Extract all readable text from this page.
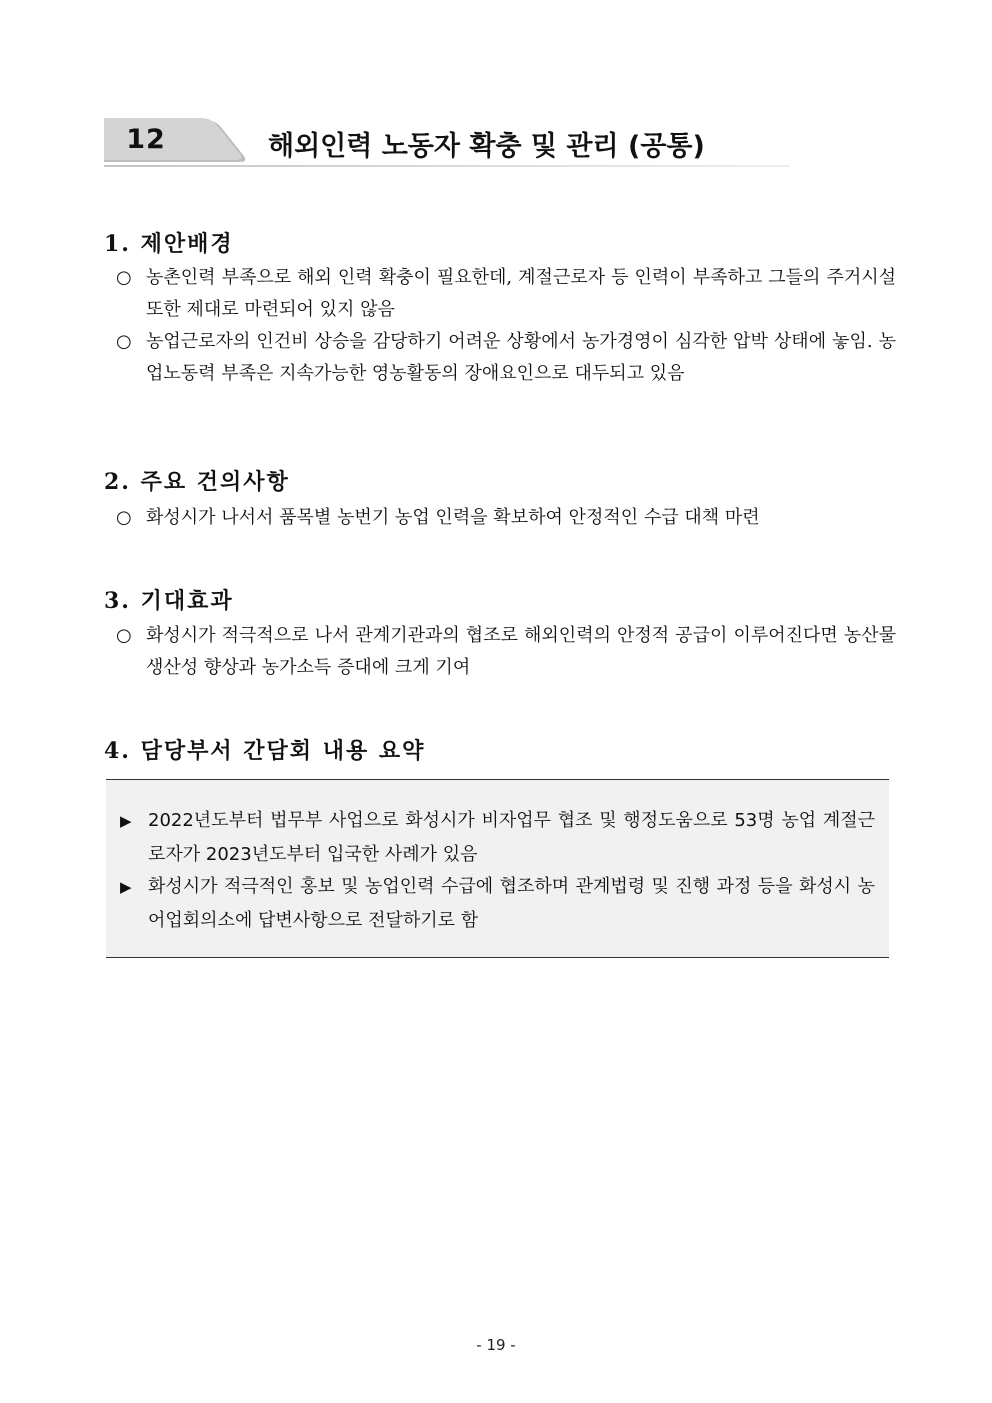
12	해외인력 노동자 확충 및 관리 (공통)
1. 제안배경
○ 농촌인력 부족으로 해외 인력 확충이 필요한데, 계절근로자 등 인력이 부족하고 그들의 주거시설 또한 제대로 마련되어 있지 않음
○ 농업근로자의 인건비 상승을 감당하기 어려운 상황에서 농가경영이 심각한 압박 상태에 놓임. 농업노동력 부족은 지속가능한 영농활동의 장애요인으로 대두되고 있음
2. 주요 건의사항
○ 화성시가 나서서 품목별 농번기 농업 인력을 확보하여 안정적인 수급 대책 마련
3. 기대효과
○ 화성시가 적극적으로 나서 관계기관과의 협조로 해외인력의 안정적 공급이 이루어진다면 농산물 생산성 향상과 농가소득 증대에 크게 기여
4. 담당부서 간담회 내용 요약
▶ 2022년도부터 법무부 사업으로 화성시가 비자업무 협조 및 행정도움으로 53명 농업 계절근로자가 2023년도부터 입국한 사례가 있음
▶ 화성시가 적극적인 홍보 및 농업인력 수급에 협조하며 관계법령 및 진행 과정 등을 화성시 농어업회의소에 답변사항으로 전달하기로 함
- 19 -
